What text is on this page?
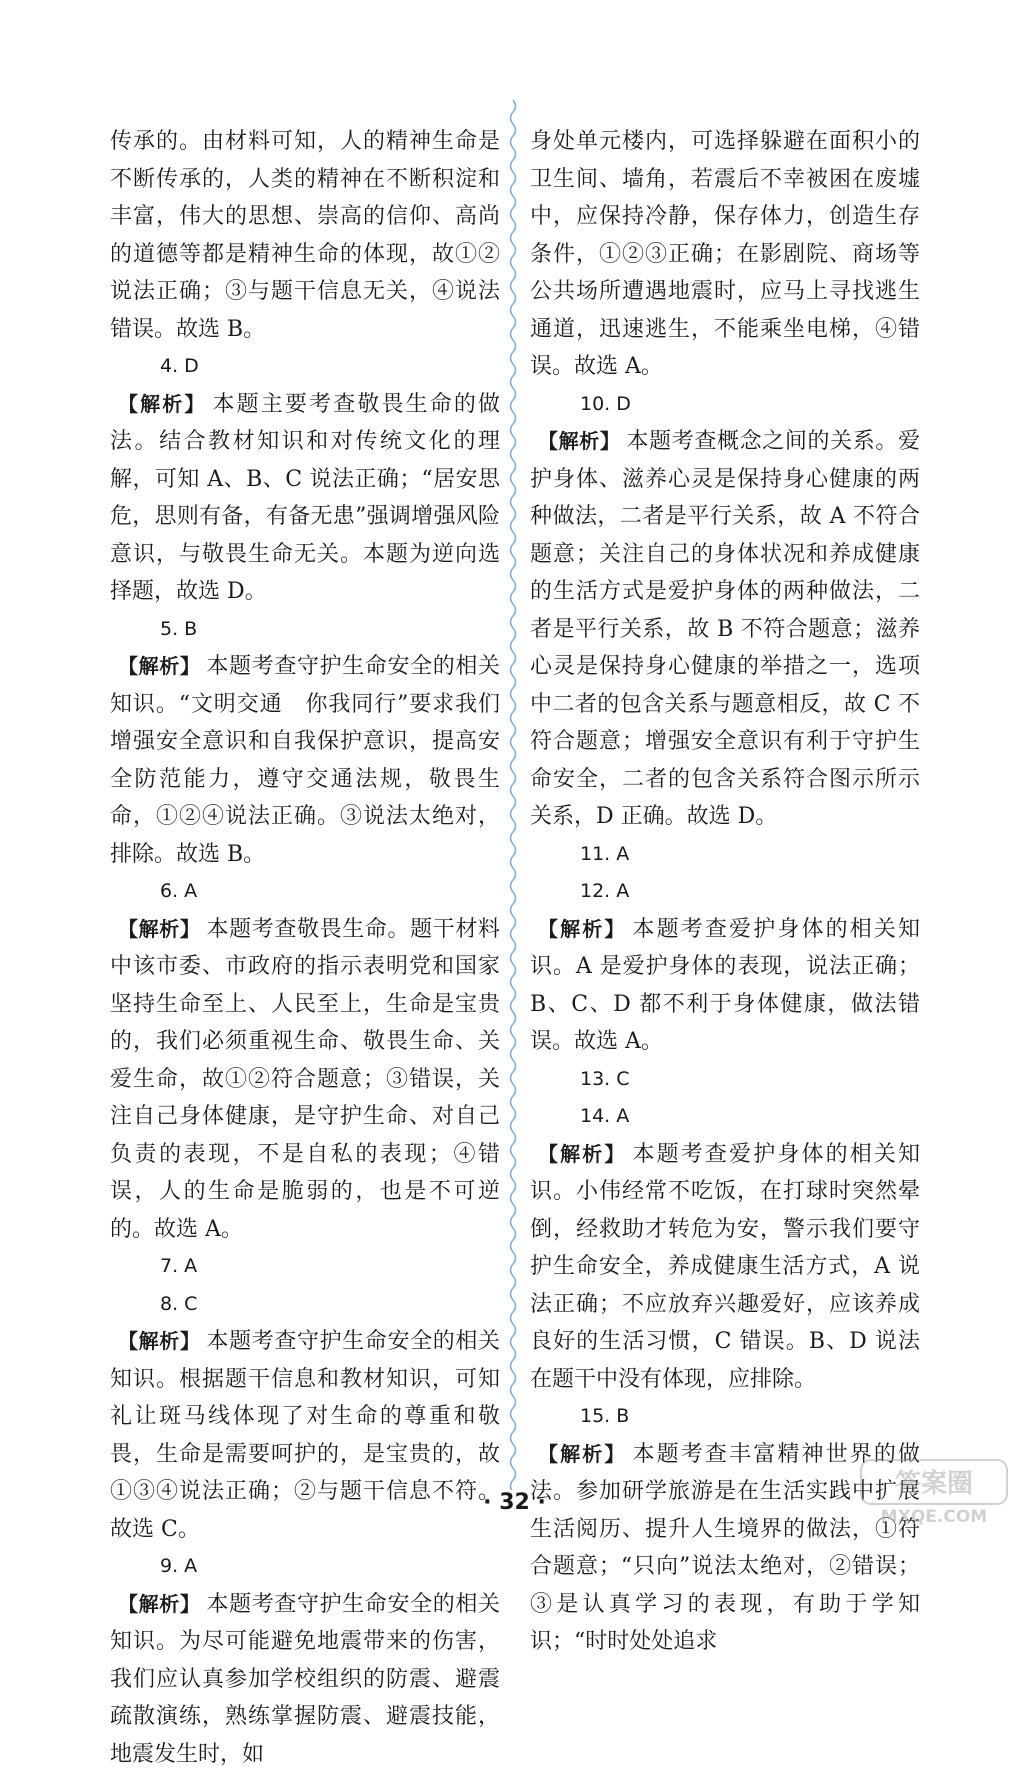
传承的。由材料可知，人的精神生命是不断传承的，人类的精神在不断积淀和丰富，伟大的思想、崇高的信仰、高尚的道德等都是精神生命的体现，故①②说法正确；③与题干信息无关，④说法错误。故选 B。

4. D

【解析】 本题主要考查敬畏生命的做法。结合教材知识和对传统文化的理解，可知 A、B、C 说法正确；“居安思危，思则有备，有备无患”强调增强风险意识，与敬畏生命无关。本题为逆向选择题，故选 D。

5. B

【解析】 本题考查守护生命安全的相关知识。“文明交通　你我同行”要求我们增强安全意识和自我保护意识，提高安全防范能力，遵守交通法规，敬畏生命，①②④说法正确。③说法太绝对，排除。故选 B。

6. A

【解析】 本题考查敬畏生命。题干材料中该市委、市政府的指示表明党和国家坚持生命至上、人民至上，生命是宝贵的，我们必须重视生命、敬畏生命、关爱生命，故①②符合题意；③错误，关注自己身体健康，是守护生命、对自己负责的表现，不是自私的表现；④错误，人的生命是脆弱的，也是不可逆的。故选 A。

7. A

8. C

【解析】 本题考查守护生命安全的相关知识。根据题干信息和教材知识，可知礼让斑马线体现了对生命的尊重和敬畏，生命是需要呵护的，是宝贵的，故①③④说法正确；②与题干信息不符。故选 C。

9. A

【解析】 本题考查守护生命安全的相关知识。为尽可能避免地震带来的伤害，我们应认真参加学校组织的防震、避震疏散演练，熟练掌握防震、避震技能，地震发生时，如

身处单元楼内，可选择躲避在面积小的卫生间、墙角，若震后不幸被困在废墟中，应保持冷静，保存体力，创造生存条件，①②③正确；在影剧院、商场等公共场所遭遇地震时，应马上寻找逃生通道，迅速逃生，不能乘坐电梯，④错误。故选 A。

10. D

【解析】 本题考查概念之间的关系。爱护身体、滋养心灵是保持身心健康的两种做法，二者是平行关系，故 A 不符合题意；关注自己的身体状况和养成健康的生活方式是爱护身体的两种做法，二者是平行关系，故 B 不符合题意；滋养心灵是保持身心健康的举措之一，选项中二者的包含关系与题意相反，故 C 不符合题意；增强安全意识有利于守护生命安全，二者的包含关系符合图示所示关系，D 正确。故选 D。

11. A

12. A

【解析】 本题考查爱护身体的相关知识。A 是爱护身体的表现，说法正确；B、C、D 都不利于身体健康，做法错误。故选 A。

13. C

14. A

【解析】 本题考查爱护身体的相关知识。小伟经常不吃饭，在打球时突然晕倒，经救助才转危为安，警示我们要守护生命安全，养成健康生活方式，A 说法正确；不应放弃兴趣爱好，应该养成良好的生活习惯，C 错误。B、D 说法在题干中没有体现，应排除。

15. B

【解析】 本题考查丰富精神世界的做法。参加研学旅游是在生活实践中扩展生活阅历、提升人生境界的做法，①符合题意；“只向”说法太绝对，②错误；③是认真学习的表现，有助于学知识；“时时处处追求

· 32 ·
答案圈
MXQE.COM
